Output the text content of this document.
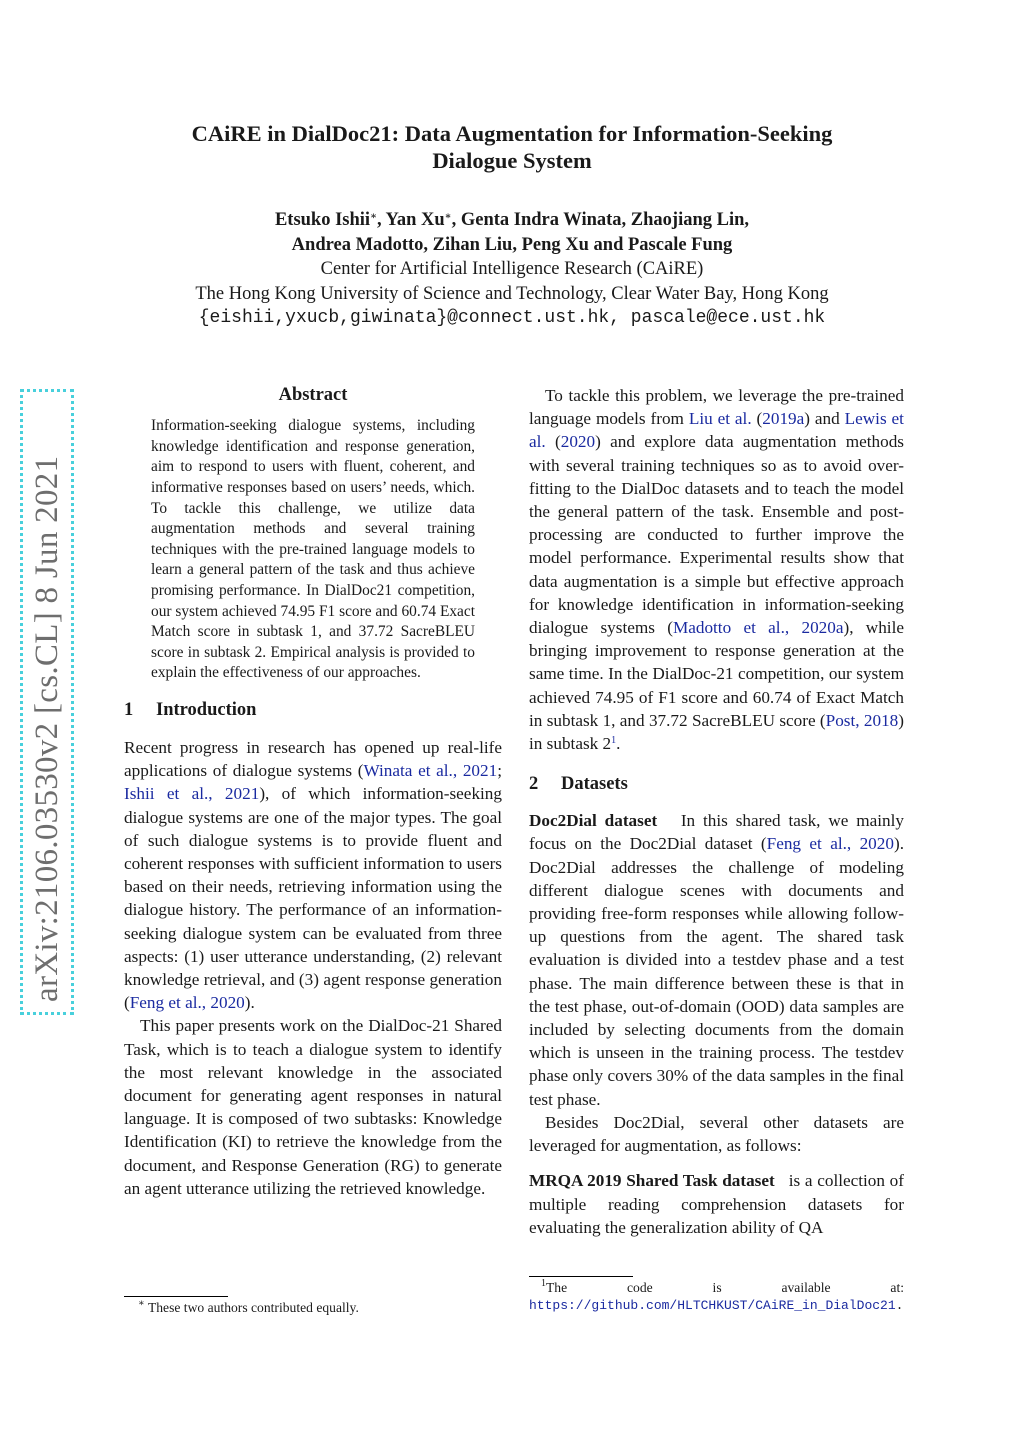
arXiv:2106.03530v2 [cs.CL] 8 Jun 2021
CAiRE in DialDoc21: Data Augmentation for Information-Seeking
Dialogue System
Etsuko Ishii∗, Yan Xu∗, Genta Indra Winata, Zhaojiang Lin,
Andrea Madotto, Zihan Liu, Peng Xu and Pascale Fung
Center for Artificial Intelligence Research (CAiRE)
The Hong Kong University of Science and Technology, Clear Water Bay, Hong Kong
{eishii,yxucb,giwinata}@connect.ust.hk, pascale@ece.ust.hk
Abstract
Information-seeking dialogue systems, including knowledge identification and response generation, aim to respond to users with fluent, coherent, and informative responses based on users’ needs, which. To tackle this challenge, we utilize data augmentation methods and several training techniques with the pre-trained language models to learn a general pattern of the task and thus achieve promising performance. In DialDoc21 competition, our system achieved 74.95 F1 score and 60.74 Exact Match score in subtask 1, and 37.72 SacreBLEU score in subtask 2. Empirical analysis is provided to explain the effectiveness of our approaches.
1 Introduction

Recent progress in research has opened up real-life applications of dialogue systems (Winata et al., 2021; Ishii et al., 2021), of which information-seeking dialogue systems are one of the major types. The goal of such dialogue systems is to provide fluent and coherent responses with sufficient information to users based on their needs, retrieving information using the dialogue history. The performance of an information-seeking dialogue system can be evaluated from three aspects: (1) user utterance understanding, (2) relevant knowledge retrieval, and (3) agent response generation (Feng et al., 2020).

This paper presents work on the DialDoc-21 Shared Task, which is to teach a dialogue system to identify the most relevant knowledge in the associated document for generating agent responses in natural language. It is composed of two subtasks: Knowledge Identification (KI) to retrieve the knowledge from the document, and Response Generation (RG) to generate an agent utterance utilizing the retrieved knowledge.

∗ These two authors contributed equally.

To tackle this problem, we leverage the pre-trained language models from Liu et al. (2019a) and Lewis et al. (2020) and explore data augmentation methods with several training techniques so as to avoid over-fitting to the DialDoc datasets and to teach the model the general pattern of the task. Ensemble and post-processing are conducted to further improve the model performance. Experimental results show that data augmentation is a simple but effective approach for knowledge identification in information-seeking dialogue systems (Madotto et al., 2020a), while bringing improvement to response generation at the same time. In the DialDoc-21 competition, our system achieved 74.95 of F1 score and 60.74 of Exact Match in subtask 1, and 37.72 SacreBLEU score (Post, 2018) in subtask 2$^1$.

2 Datasets

Doc2Dial dataset In this shared task, we mainly focus on the Doc2Dial dataset (Feng et al., 2020). Doc2Dial addresses the challenge of modeling different dialogue scenes with documents and providing free-form responses while allowing follow-up questions from the agent. The shared task evaluation is divided into a testdev phase and a test phase. The main difference between these is that in the test phase, out-of-domain (OOD) data samples are included by selecting documents from the domain which is unseen in the training process. The testdev phase only covers 30% of the data samples in the final test phase.

Besides Doc2Dial, several other datasets are leveraged for augmentation, as follows:

MRQA 2019 Shared Task dataset is a collection of multiple reading comprehension datasets for evaluating the generalization ability of QA

$^1$The code is available at:
https://github.com/HLTCHKUST/CAiRE_in_DialDoc21.
